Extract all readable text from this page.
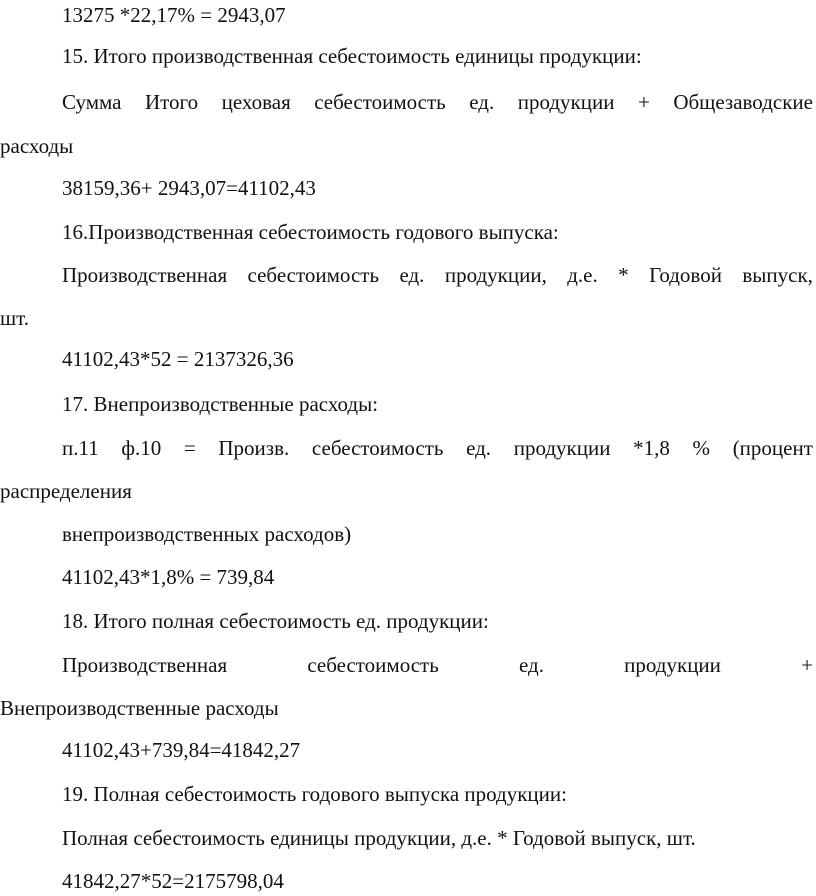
13275 *22,17% = 2943,07
15. Итого производственная себестоимость единицы продукции:
Сумма Итого цеховая себестоимость ед. продукции + Общезаводские
расходы
38159,36+ 2943,07=41102,43
16.Производственная себестоимость годового выпуска:
Производственная себестоимость ед. продукции, д.е. * Годовой выпуск,
шт.
41102,43*52 = 2137326,36
17. Внепроизводственные расходы:
п.11 ф.10 = Произв. себестоимость ед. продукции *1,8 % (процент
распределения
внепроизводственных расходов)
41102,43*1,8% = 739,84
18. Итого полная себестоимость ед. продукции:
Производственная	себестоимость	ед.	продукции	+
Внепроизводственные расходы
41102,43+739,84=41842,27
19. Полная себестоимость годового выпуска продукции:
Полная себестоимость единицы продукции, д.е. * Годовой выпуск, шт.
41842,27*52=2175798,04
